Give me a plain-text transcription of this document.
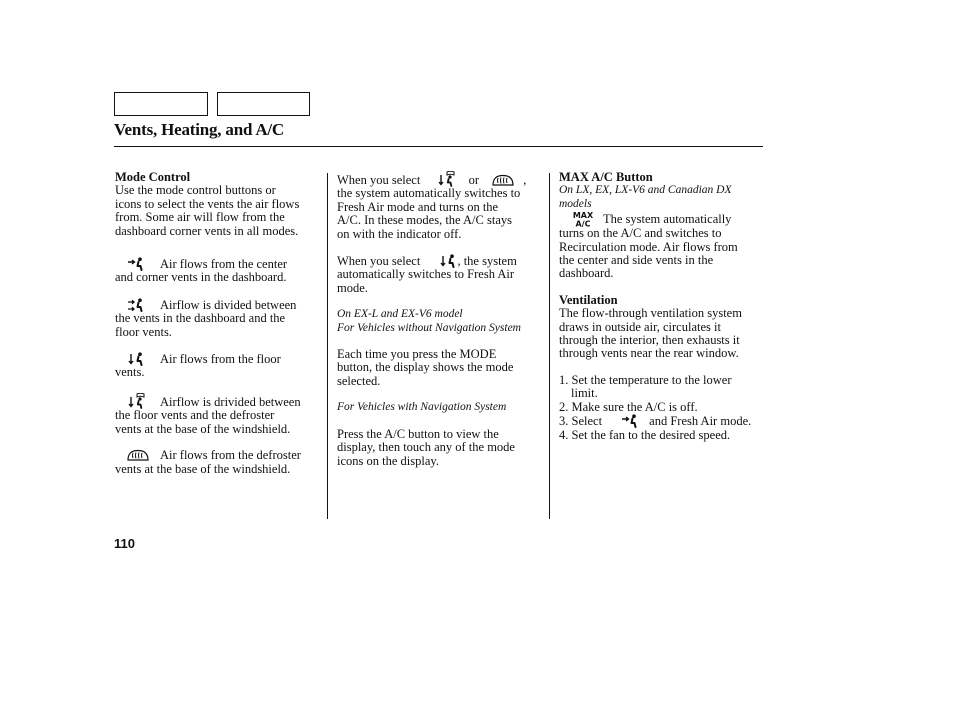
Vents, Heating, and A/C
Mode Control

Use the mode control buttons or
icons to select the vents the air flows
from. Some air will flow from the
dashboard corner vents in all modes.

Air flows from the center
and corner vents in the dashboard.

Airflow is divided between
the vents in the dashboard and the
floor vents.

Air flows from the floor
vents.

Airflow is drivided between
the floor vents and the defroster
vents at the base of the windshield.

Air flows from the defroster
vents at the base of the windshield.

When you select	or	,
the system automatically switches to
Fresh Air mode and turns on the
A/C. In these modes, the A/C stays
on with the indicator off.

When you select	, the system
automatically switches to Fresh Air
mode.

On EX-L and EX-V6 model
For Vehicles without Navigation System

Each time you press the MODE
button, the display shows the mode
selected.

For Vehicles with Navigation System

Press the A/C button to view the
display, then touch any of the mode
icons on the display.

MAX A/C Button

On LX, EX, LX-V6 and Canadian DX
models

MAX
A/C The system automatically
turns on the A/C and switches to
Recirculation mode. Air flows from
the center and side vents in the
dashboard.

Ventilation
The flow-through ventilation system
draws in outside air, circulates it
through the interior, then exhausts it
through vents near the rear window.

1. Set the temperature to the lower
limit.
2. Make sure the A/C is off.
3. Select	and Fresh Air mode.
4. Set the fan to the desired speed.

110
